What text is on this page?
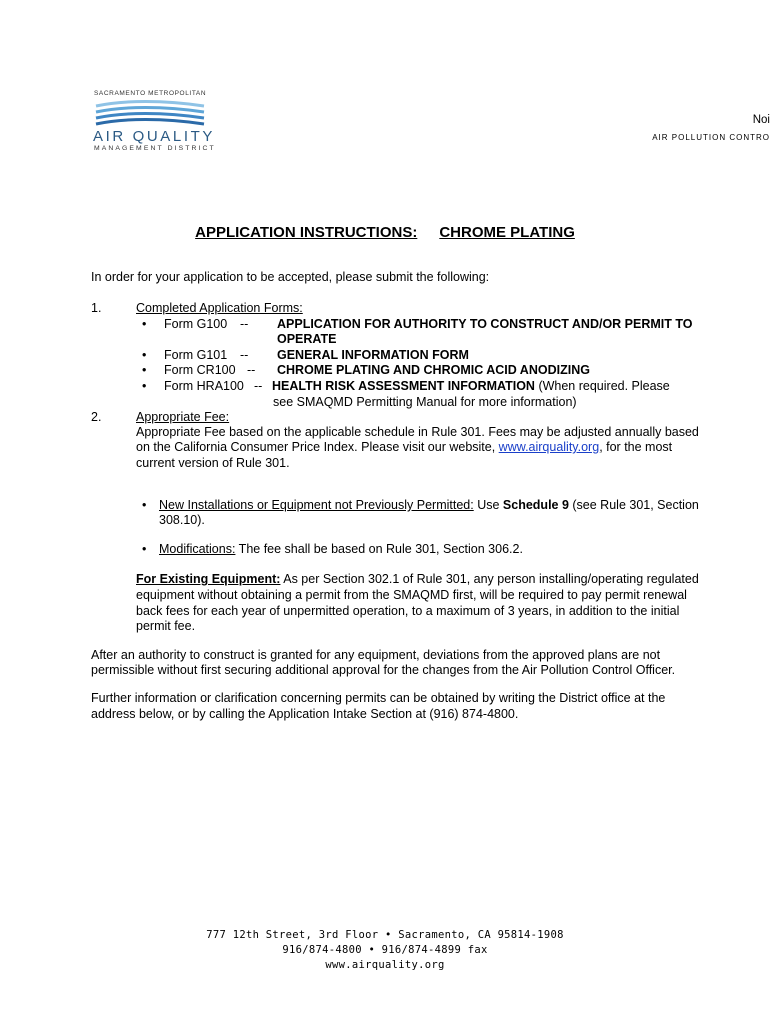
SACRAMENTO METROPOLITAN
AIR QUALITY
MANAGEMENT DISTRICT
Noi
AIR POLLUTION CONTRO
APPLICATION INSTRUCTIONS: CHROME PLATING
In order for your application to be accepted, please submit the following:
1.	Completed Application Forms:
• Form G100 -- APPLICATION FOR AUTHORITY TO CONSTRUCT AND/OR PERMIT TO
OPERATE
• Form G101 -- GENERAL INFORMATION FORM
• Form CR100 -- CHROME PLATING AND CHROMIC ACID ANODIZING
• Form HRA100 -- HEALTH RISK ASSESSMENT INFORMATION (When required. Please
see SMAQMD Permitting Manual for more information)
2.	Appropriate Fee:
Appropriate Fee based on the applicable schedule in Rule 301. Fees may be adjusted annually based
on the California Consumer Price Index. Please visit our website, www.airquality.org, for the most
current version of Rule 301.
• New Installations or Equipment not Previously Permitted: Use Schedule 9 (see Rule 301, Section
308.10).
• Modifications: The fee shall be based on Rule 301, Section 306.2.
For Existing Equipment: As per Section 302.1 of Rule 301, any person installing/operating regulated
equipment without obtaining a permit from the SMAQMD first, will be required to pay permit renewal
back fees for each year of unpermitted operation, to a maximum of 3 years, in addition to the initial
permit fee.
After an authority to construct is granted for any equipment, deviations from the approved plans are not
permissible without first securing additional approval for the changes from the Air Pollution Control Officer.
Further information or clarification concerning permits can be obtained by writing the District office at the
address below, or by calling the Application Intake Section at (916) 874-4800.
777 12th Street, 3rd Floor • Sacramento, CA 95814-1908
916/874-4800 • 916/874-4899 fax
www.airquality.org
